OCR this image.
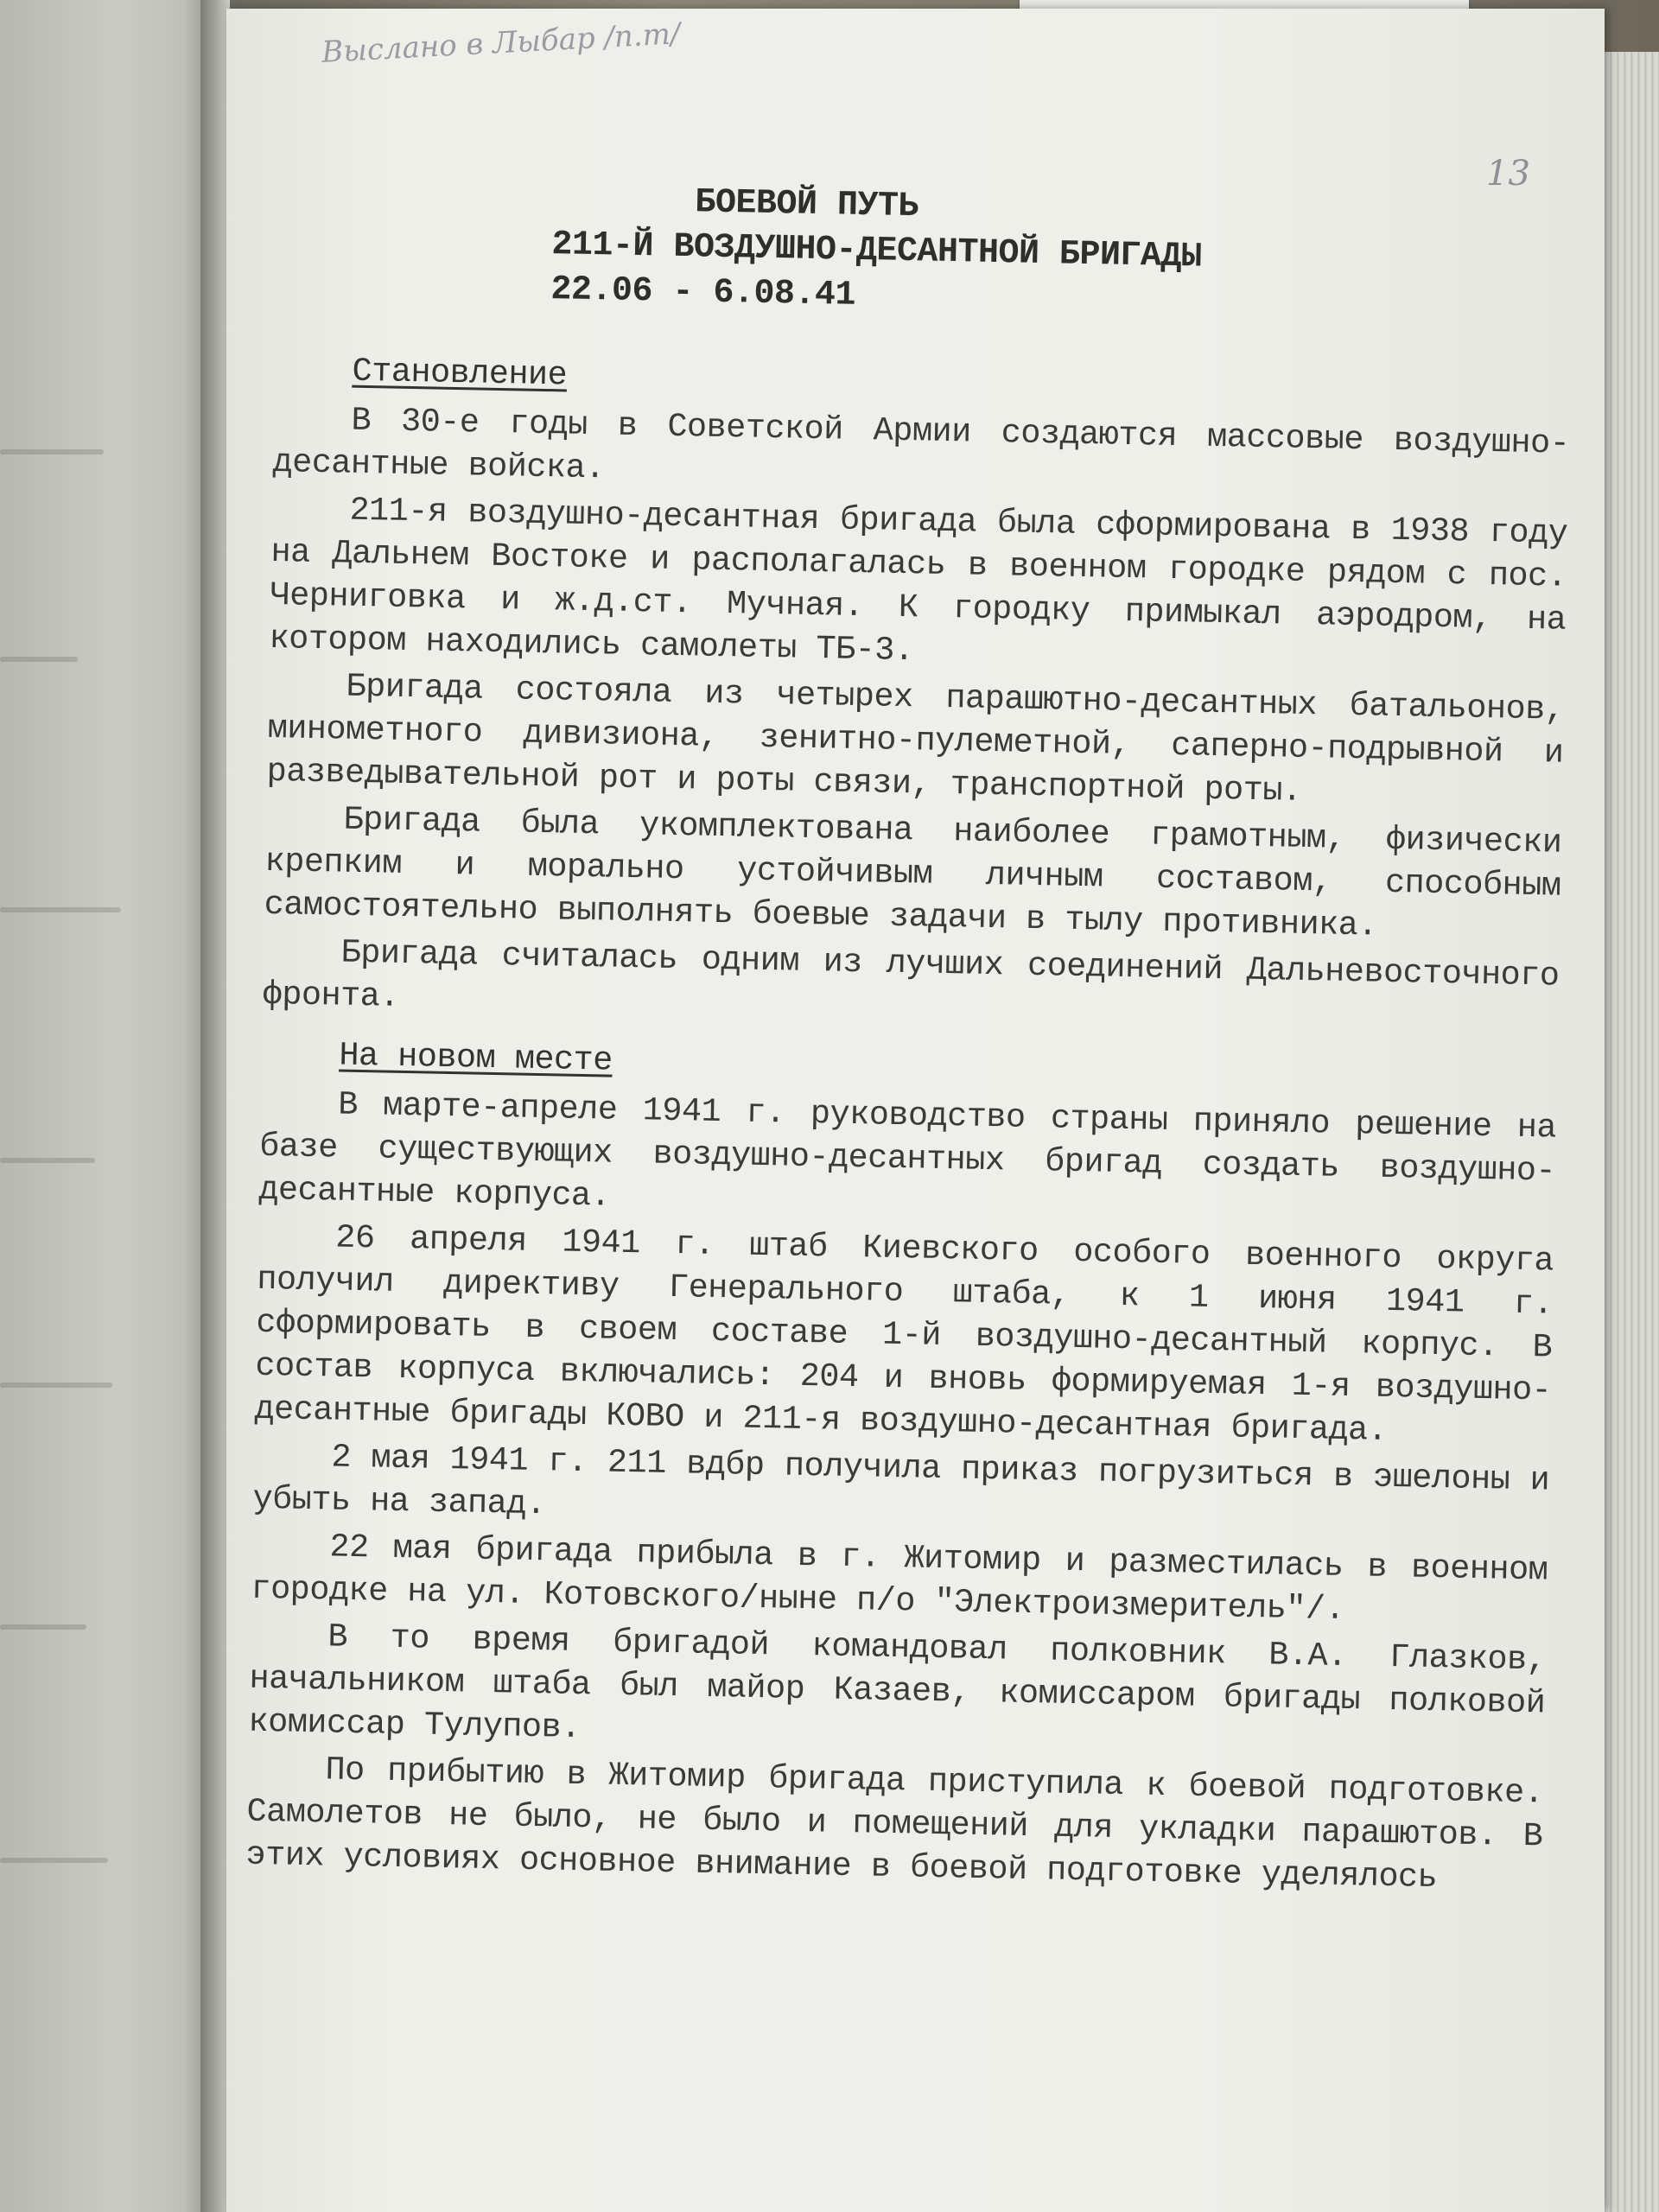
Выслано в Лыбар /п.т/
13
БОЕВОЙ ПУТЬ
211-Й ВОЗДУШНО-ДЕСАНТНОЙ БРИГАДЫ
22.06 - 6.08.41
Становление

В 30-е годы в Советской Армии создаются массовые воздушно-десантные войска.

211-я воздушно-десантная бригада была сформирована в 1938 году на Дальнем Востоке и располагалась в военном городке рядом с пос. Черниговка и ж.д.ст. Мучная. К городку примыкал аэродром, на котором находились самолеты ТБ-3.

Бригада состояла из четырех парашютно-десантных батальонов, минометного дивизиона, зенитно-пулеметной, саперно-подрывной и разведывательной рот и роты связи, транспортной роты.

Бригада была укомплектована наиболее грамотным, физически крепким и морально устойчивым личным составом, способным самостоятельно выполнять боевые задачи в тылу противника.

Бригада считалась одним из лучших соединений Дальневосточного фронта.

На новом месте

В марте-апреле 1941 г. руководство страны приняло решение на базе существующих воздушно-десантных бригад создать воздушно-десантные корпуса.

26 апреля 1941 г. штаб Киевского особого военного округа получил директиву Генерального штаба, к 1 июня 1941 г. сформировать в своем составе 1-й воздушно-десантный корпус. В состав корпуса включались: 204 и вновь формируемая 1-я воздушно-десантные бригады КОВО и 211-я воздушно-десантная бригада.

2 мая 1941 г. 211 вдбр получила приказ погрузиться в эшелоны и убыть на запад.

22 мая бригада прибыла в г. Житомир и разместилась в военном городке на ул. Котовского/ныне п/о "Электроизмеритель"/.

В то время бригадой командовал полковник В.А. Глазков, начальником штаба был майор Казаев, комиссаром бригады полковой комиссар Тулупов.

По прибытию в Житомир бригада приступила к боевой подготовке. Самолетов не было, не было и помещений для укладки парашютов. В этих условиях основное внимание в боевой подготовке уделялось
